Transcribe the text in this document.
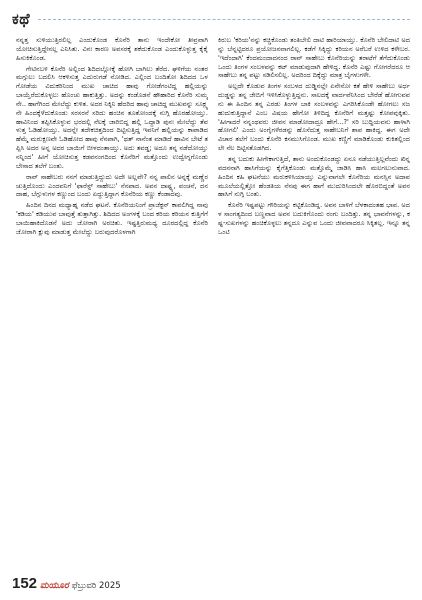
ಕಥೆ

ನನ್ನತ್ತ ಸುಳಿಯುತ್ತಿರಲಿಲ್ಲ ಎಂದುಕೊಂಡ ಕೊನೆರಿ ತಾನು ಇಂದೇಕೋ ತೀವ್ರವಾಗಿ ಯೋಚಿಸುತ್ತಿದ್ದೇನಲ್ಲ ಎನಿಸಿತು. ವಿನಃ ಕಾರಣ ಅವಸರಕ್ಕೆ ಶಕೆದುಕೊಂಡ ಎಂದುಕೊಳ್ಳುತ್ತ ಕೈಕೈ ಹಿಸುಕಿಕೊಂಡ.

ಗೇಟಿನಬಳಿ ಕೊನೆರಿ ಅಲ್ಲಿಂದ ಶಿದಿದಲ್ಲೋಕ್ಕೆ ಹೋಗಿ ಬಾಗಿಲು ತೆರೆದ. ಘಳಿಗೆಯ ನಂತರ ಮಗ್ಗುಲು ಬದಲಿಸಿ ಆಕಳಿಸುತ್ತ ಎದುರುಗಡೆ ನೋಡಿದ. ಎಲ್ಲಿಂದ ಬಂದಿತೋ ಶಿದಿದದ ಒಳಗೋಡೆಯ ವಿದುಕರಿನಿಂದ ಮುಖ ಚಾಚಿದ ಹಾವು ಗೋಡೆಗಂಟಿದ್ದ ಹಲ್ಲಿಯನ್ನು ಬಾಯ್ತೆರೆದುಕೊಳ್ಳಲು ಹೊಂಚು ಹಾಕುತ್ತಿತ್ತು. ಅದನ್ನು ಕಂಡೊಡನೆ ಹೌಹಾರಿದ ಕೊನೆರಿ ಸುಮ್ಮನೇ.. ಹಾಗೆಗಿಂದ ಮೇಲೆದ್ದು ಕುಳಿತ. ಅದರ ನಿಕ್ಕಿನಿ ಹೆದರಿದ ಹಾವು ಚಾಚಿದ್ದ ಮುಖವನ್ನು ಸೂಕ್ಷ್ಮನೇ ಹಿಂದಕ್ಕೆಳೆದುಕೊಂಡು ಸರಸರನೆ ಸರಿದು ಹಂಚಿನ ತೂತೋಂದಕ್ಕೆ ನುಗ್ಗಿ ಹೊರಹೋಯ್ತು. ಹಾವಿನಿಂದ ತಪ್ಪಿಸಿಕೊಳ್ಳುವ ಭರದಲ್ಲಿ ನೆಲಕ್ಕೆ ಜಾರಿಬಿದ್ದ ಹಲ್ಲಿ ಒದ್ದಾಡಿ ಪುನಃ ಮೇಲೆದ್ದು ತೆವಳುತ್ತ ಓಡಿಹೋಯ್ತು. ಅದನ್ನೇ ತದೇಕಚಿತ್ತದಿಂದ ದಿಟ್ಟಿಸುತ್ತಿದ್ದ ಇವನಿಗೆ ಹಲ್ಲಿಯನ್ನು ಕಾಪಾಡಿದ ಹೆಮ್ಮೆ ಮರುಕ್ಷಣವೇ ಓಡಿಹೋದ ಹಾವು ನೆನಪಾಗಿ, 'ಥತ್ ನಾನೆಂತ ಮಾಡಿದೆ ಹಾವಿನ ಬೇಟೆ ತಪ್ಪಿಸಿ ಅದರ ಅನ್ನ ಅದರ ಬಾಯಿಗೆ ಬೀಳದಂತಾಯ್ತು. ಅದು ತವಡ್ಡ; ಅದೂ ತನ್ನ ನಡೆದೋಯ್ತು ನನ್ನಿಂದ' ಹೀಗೆ ಯೋಚಿಸುತ್ತ ಕಡವನಂಗದಿಂದ ಕೊನೆರಿಗೆ ಮತ್ತೊಂದು ಉದ್ವೇಗ್ನಗೊಂಡು ಬೇಸಾದ ತಲೆಗೆ ಬಂತು.

ರಾವ್ ಸಾಹೇಬರು ನನಗೆ ಮಾಡುತ್ತಿದ್ದುದು ಅದೇ ಅಲ್ಲವೇ? ನನ್ನ ಪಾಲಿನ ಅನ್ನಕ್ಕೆ ಮಣ್ಣೆರಚುತ್ತಿದೊಂದು ಎಂದವನಿಗೆ 'ಫಾರೆಸ್ಟ್ ಸಾಹೇಬು' ನೆನಪಾದ. ಅವನ ದಾಷ್ಟ್ಯ, ವಂಚನೆ, ದನದಾಹ, ಬೆಗ್ಗುಳುಗಳ ಕಣ್ಣುಂದ ಬಂದು ಏದ್ದುತ್ತಿದ್ದಾಗ ಕೊನೆರಿಯ ಕಣ್ಣು ಕೆಂಡಾದವು.

ಹಿಂದಿನ ದಿನದ ಮಧ್ಯಾಹ್ನ ನಡೆದ ಘಟನೆ. ಕೊನೆರಿಯನಿಂಗೆ ಪ್ರಾಜೆಕ್ಟನ್ ಕಾವಲಿಗಿದ್ದ ನಾವು 'ಕಡಿಯ' ಕಡಿಯುವ ಬಾವುತ್ತೆ ತುತ್ತಾಗಿತ್ತು. ಶಿದಿದದ ಅಂಗಳಕ್ಕೆ ಬಂದ ಕರಿಯ ಕರಿಯನ ಕುತ್ತಿಗೆಗೆ ಬಾಯಿಹಾಕಿದೊಡನೆ ಅದು ಜೋರಾಗಿ ಅರಚಿತು. ಇಷ್ಟತ್ತಿರುಮಧ್ಯ ದೂರದಲ್ಲಿದ್ದ ಕೊನೆರಿ ಜೋರಾಗಿ ಕ್ಲುವು ಮಾಡುತ್ತ ಮೇಲೆದ್ದು ಬರುವುದರೊಳಗಾಗಿ

ಕಿರುಬ 'ಕರಿಯ'ನನ್ನು ಕಚ್ಚಿಕೊಂಡು ತಂತಿಬೇಲಿ ದಾಟಿ ಹಾರಿಯಾಯ್ತು. ಕೊನೆರಿ ಬೇಲಿದಾಟಿ ಅದನ್ನು ಬೆನ್ನಟ್ಟಿದರೂ ಪ್ರಯೋಜನವಾಗಲಿಲ್ಲ. ಕಡೆಗೆ ಸಿಕ್ಕಿದ್ದು ಕರಿಯನ ಅರೆಬರೆ ಉಳಿದ ಕಳೇಬರ. 'ಇದೆಂದಾಗಿ' ಕೆಂದಮಂದಾದನಂದ ರಾವ್ ಸಾಹೇಬು ಕೊನೆರಿಯನ್ನು ತರಾಟೆಗೆ ತೆಗೆದುಕೊಂಡು ಒಂದು ತಿಂಗಳ ಸಂಬಳವನ್ನು ಕಟ್ ಮಾಡುವುದಾಗಿ ಹೇಳಿದ್ದ. ಕೊನೆರಿ ಎಷ್ಟು ಗೋಗರೆದರೂ ಆ ಸಾಹೇಬು ತನ್ನ ಪಟ್ಟು ಸಡಿಲಿಸಲಿಲ್ಲ. ಅದರಿಂದ ದಿಕ್ಕೆದ್ದು ಮಾತ್ರ ಬೈಗಳುಗಳೇ.

ಅಲ್ಲದೇ ಕೊಡುವ ತಿಂಗಳ ಸಂಬಳದ ದುಡ್ಡಿನಲ್ಲೇ ಏನೇನೋ ಕತೆ ಹೇಳಿ ಸಾಹೇಬು ಅರ್ಧ ದುಡ್ಡನ್ನು ತನ್ನ ಜೇಬಿಗೆ ಇಳಿಸಿಕೊಳ್ಳುತ್ತಿದ್ದನು. ಸಾಲದಕ್ಕೆ ವಾರ್ದವೆನಿಸಿಂದ ಬೇರೆಡೆ ಹೋಗುವವನು ಈ ಹಿಂದಿನ ತನ್ನ ಎರಡು ತಿಂಗಳ ಬಾಕಿ ಸಂಬಳವನ್ನು ಎಗರಿಸಿಕೊಂಡೇ ಹೋಗಲು ಸಜ ಹುದುಕುತ್ತಿದ್ದಾನೆ ಎಂಬ ವಿಷಯ ಹೇಗೋ ತಿಳಿದಿದ್ದ ಕೊನೆರಿಗೆ ಮತ್ತಷ್ಟು ಕೋಪವುಕ್ಕಿತು. 'ಹೀಗಾದರೆ ನನ್ನಂಥವರು ಜೀವನ ಮಾಡೋದಾದ್ರೂ ಹೇಗೆ...?' ಸರಿ ಬುದ್ದಿಯವನು ಹಾಳಾಗಿ ಹೋಗಲಿ' ಎಂದು ಅಂಗೈಗಳೆರಡನ್ನು ಹೊಸೆದುತ್ತ ಸಾಹೇಬನಿಗೆ ಶಾಪ ಹಾಕಿದ್ದ. ಈಗ ಅದೇ ವಿಚಾರ ತಲೆಗೆ ಬಂದು ಕೊನೆರಿ ಕಸಮುಸಿಗೊಂಡ. ಮುಖ ಕಣ್ಣಿಗೆ ಮಾಡಿಕೊಂಡು ಕುಕಿತಲ್ಲಿಂದಲೇ ನೆಲ ದಿಟ್ಟಿಸತೊಡಗಿದ.

ತನ್ನ ಬದುಕು ಹೀಗೇಕಾಗುತ್ತಿದೆ, ತಾನು ಅಂದುಕೊಂಡದ್ದು ಏನೂ ನಡೆಯುತ್ತಿಲ್ಲವೆಂದು ಖಿನ್ನವದನನಾಗಿ ಹಾಸಿಗೆಯನ್ನು ಕೈಗೆತ್ತಿಕೊಂಡು ಮತ್ತೊಮ್ಮೆ ಜಾಡಿಸಿ ಹಾಸಿ ಮಲಗಲುನುವಾದ. ಹಿಂದಿನ ಕಹಿ ಘಟನೆಯು ಮರುಕಳಿಸಿಯಾಯ್ತು ಎನ್ನುವಾಗಲೇ ಕೊನೆರಿಯ ಮನಸ್ಸಿನ ಅದಾವ ಮೂಲೆಯಲ್ಲಿತ್ತೋ ಹೆಂಡತಿಯ ನೆನಪು ಈಗ ಹಾಗೆ ಮುದುರಿಸಿಂದಲೇ ಹೊರಬಿದ್ದಂತೆ ಅವನ ಹಾಸಿಗೆ ನುಗ್ಗಿ ಬಂತು.

ಕೊನೆರಿ ಇಷ್ಟಪಟ್ಟು ಗೌರಿಯನ್ನು ಕಟ್ಟಿಕೊಂಡಿದ್ದ. ಅವನ ಬಾಳಿಗೆ ಬೆಳಕಾದಂತಹ ಭಾವ. ಅದಳ ಸಾಂಗತ್ಯದಿಂದ ಬಣ್ಣವಾದ ಅವನ ಬದುಕಿಗೊಂದು ರಂಗು ಬಂದಿತ್ತು. ತನ್ನ ಭಾವನೆಗಳನ್ನು, ಕಷ್ಟ-ಸುಖಗಳನ್ನು ಹಂಚಿಕೊಳ್ಳಲು ತನ್ನದೂ ಎನ್ನುವ ಒಂದು ಜೀವವಾದರೂ ಸಿಕ್ಕಿತಲ್ಲ. ಇನ್ನೂ ತನ್ನ ಒಂಟಿ

152 ಮಯೂರ ಫೆಬ್ರುವರಿ 2025
